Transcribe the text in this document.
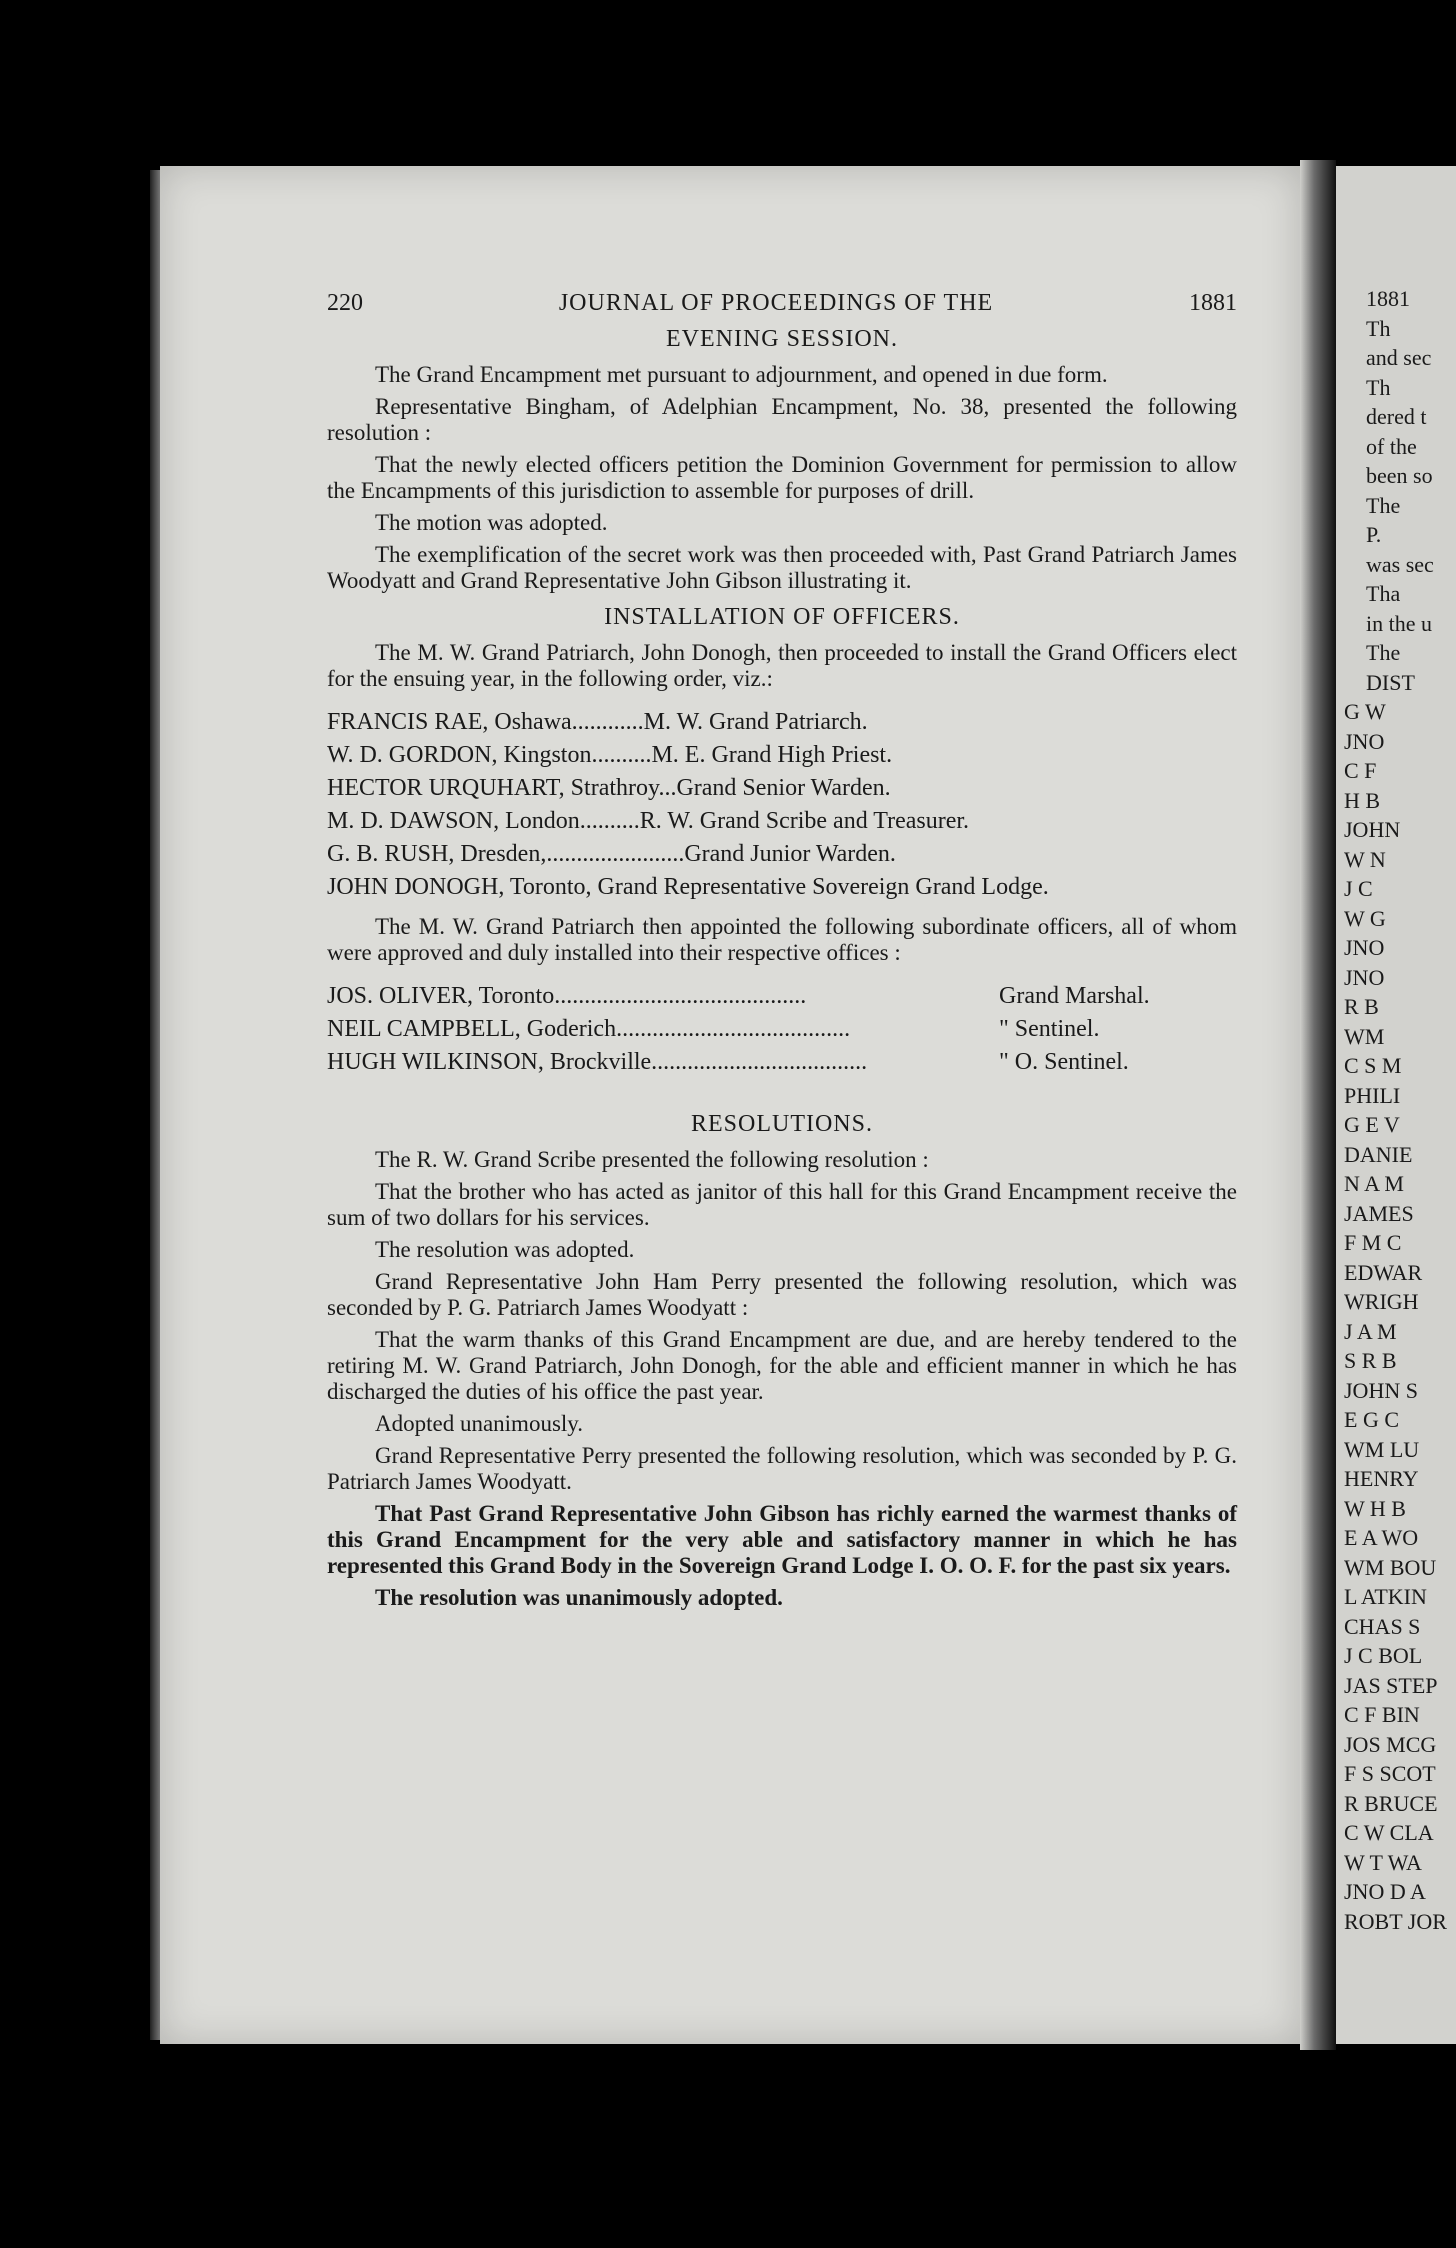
1881
Th
and sec
Th
dered t
of the
been so
The
P.
was sec
Tha
in the u
The
DIST
G W
JNO
C F
H B
JOHN
W N
J C
W G
JNO
JNO
R B
WM
C S M
PHILI
G E V
DANIE
N A M
JAMES
F M C
EDWAR
WRIGH
J A M
S R B
JOHN S
E G C
WM LU
HENRY
W H B
E A WO
WM BOU
L ATKIN
CHAS S
J C BOL
JAS STEP
C F BIN
JOS MCG
F S SCOT
R BRUCE
C W CLA
W T WA
JNO D A
ROBT JOR
220	JOURNAL OF PROCEEDINGS OF THE	1881
EVENING SESSION.

The Grand Encampment met pursuant to adjournment, and opened in due form.

Representative Bingham, of Adelphian Encampment, No. 38, presented the following resolution :

That the newly elected officers petition the Dominion Government for permission to allow the Encampments of this jurisdiction to assemble for purposes of drill.

The motion was adopted.

The exemplification of the secret work was then proceeded with, Past Grand Patriarch James Woodyatt and Grand Representative John Gibson illustrating it.

INSTALLATION OF OFFICERS.

The M. W. Grand Patriarch, John Donogh, then proceeded to install the Grand Officers elect for the ensuing year, in the following order, viz.:

FRANCIS RAE, Oshawa............M. W. Grand Patriarch.
W. D. GORDON, Kingston..........M. E. Grand High Priest.
HECTOR URQUHART, Strathroy...Grand Senior Warden.
M. D. DAWSON, London..........R. W. Grand Scribe and Treasurer.
G. B. RUSH, Dresden,.......................Grand Junior Warden.
JOHN DONOGH, Toronto, Grand Representative Sovereign Grand Lodge.

The M. W. Grand Patriarch then appointed the following subordinate officers, all of whom were approved and duly installed into their respective offices :

JOS. OLIVER, Toronto..........................................	Grand Marshal.
NEIL CAMPBELL, Goderich.......................................	" Sentinel.
HUGH WILKINSON, Brockville....................................	" O. Sentinel.
RESOLUTIONS.

The R. W. Grand Scribe presented the following resolution :

That the brother who has acted as janitor of this hall for this Grand Encampment receive the sum of two dollars for his services.

The resolution was adopted.

Grand Representative John Ham Perry presented the following resolution, which was seconded by P. G. Patriarch James Woodyatt :

That the warm thanks of this Grand Encampment are due, and are hereby tendered to the retiring M. W. Grand Patriarch, John Donogh, for the able and efficient manner in which he has discharged the duties of his office the past year.

Adopted unanimously.

Grand Representative Perry presented the following resolution, which was seconded by P. G. Patriarch James Woodyatt.

That Past Grand Representative John Gibson has richly earned the warmest thanks of this Grand Encampment for the very able and satisfactory manner in which he has represented this Grand Body in the Sovereign Grand Lodge I. O. O. F. for the past six years.

The resolution was unanimously adopted.
